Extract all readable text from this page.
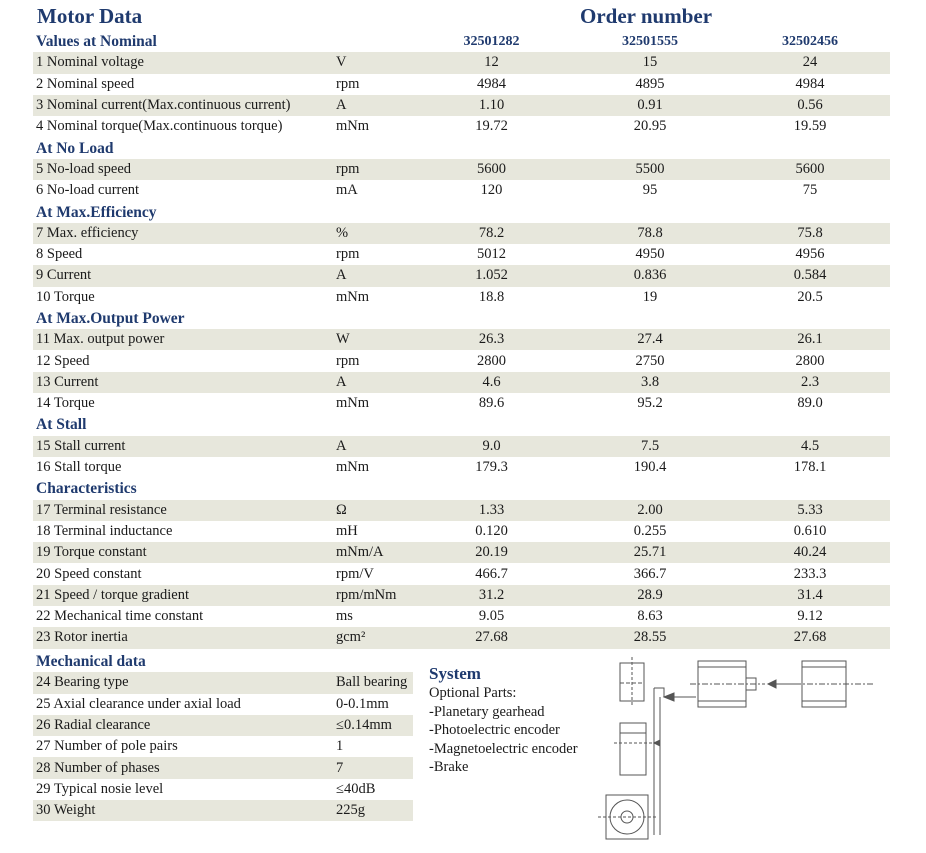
Motor Data	Order number
Values at Nominal		32501282	32501555	32502456
1 Nominal voltage	V	12	15	24
2 Nominal speed	rpm	4984	4895	4984
3 Nominal current(Max.continuous current)	A	1.10	0.91	0.56
4 Nominal torque(Max.continuous torque)	mNm	19.72	20.95	19.59
At No Load				
5 No-load speed	rpm	5600	5500	5600
6 No-load current	mA	120	95	75
At Max.Efficiency				
7 Max. efficiency	%	78.2	78.8	75.8
8 Speed	rpm	5012	4950	4956
9 Current	A	1.052	0.836	0.584
10 Torque	mNm	18.8	19	20.5
At Max.Output Power				
11 Max. output power	W	26.3	27.4	26.1
12 Speed	rpm	2800	2750	2800
13 Current	A	4.6	3.8	2.3
14 Torque	mNm	89.6	95.2	89.0
At Stall				
15 Stall current	A	9.0	7.5	4.5
16 Stall torque	mNm	179.3	190.4	178.1
Characteristics				
17 Terminal resistance	Ω	1.33	2.00	5.33
18 Terminal inductance	mH	0.120	0.255	0.610
19 Torque constant	mNm/A	20.19	25.71	40.24
20 Speed constant	rpm/V	466.7	366.7	233.3
21 Speed / torque gradient	rpm/mNm	31.2	28.9	31.4
22 Mechanical time constant	ms	9.05	8.63	9.12
23 Rotor inertia	gcm²	27.68	28.55	27.68
Mechanical data	
24 Bearing type	Ball bearing
25 Axial clearance under axial load	0-0.1mm
26 Radial clearance	≤0.14mm
27 Number of pole pairs	1
28 Number of phases	7
29 Typical nosie level	≤40dB
30 Weight	225g
System
Optional Parts:
-Planetary gearhead
-Photoelectric encoder
-Magnetoelectric encoder
-Brake
